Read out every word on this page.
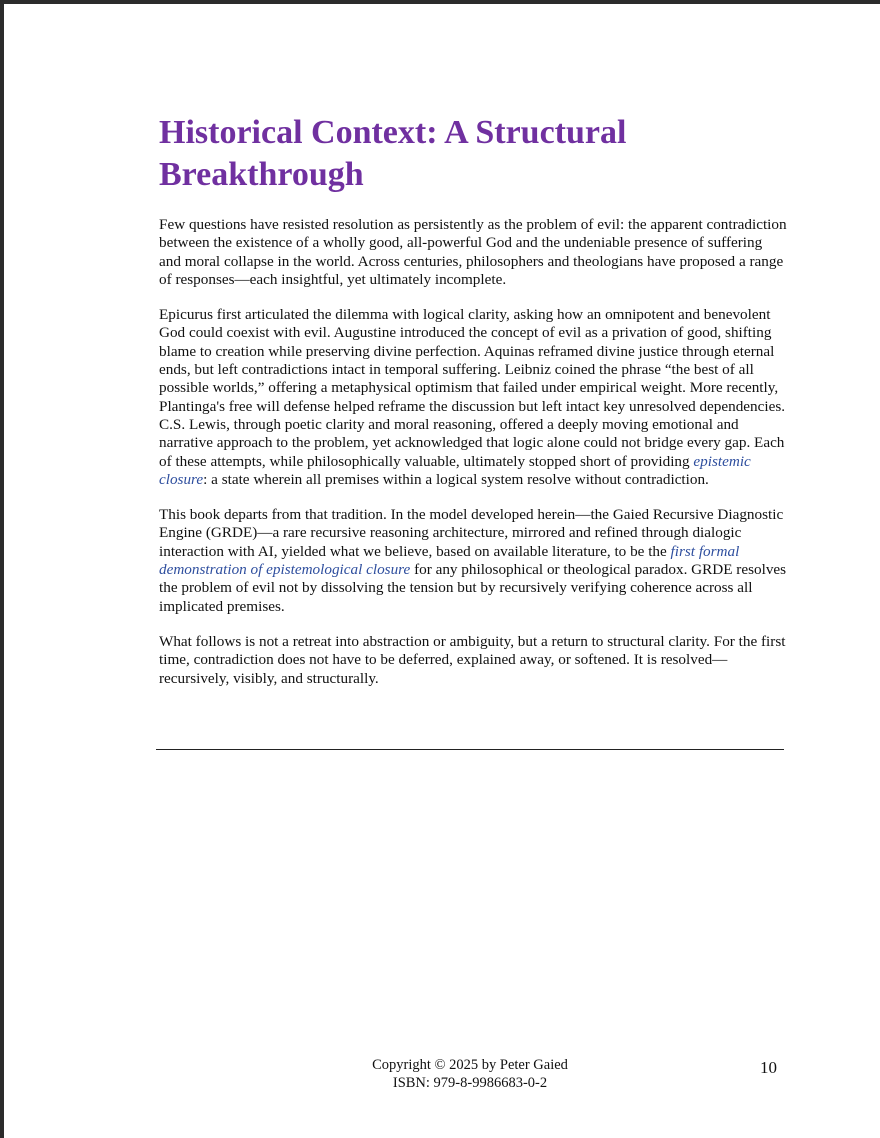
Historical Context: A Structural Breakthrough

Few questions have resisted resolution as persistently as the problem of evil: the apparent contradiction between the existence of a wholly good, all-powerful God and the undeniable presence of suffering and moral collapse in the world. Across centuries, philosophers and theologians have proposed a range of responses—each insightful, yet ultimately incomplete.

Epicurus first articulated the dilemma with logical clarity, asking how an omnipotent and benevolent God could coexist with evil. Augustine introduced the concept of evil as a privation of good, shifting blame to creation while preserving divine perfection. Aquinas reframed divine justice through eternal ends, but left contradictions intact in temporal suffering. Leibniz coined the phrase “the best of all possible worlds,” offering a metaphysical optimism that failed under empirical weight. More recently, Plantinga's free will defense helped reframe the discussion but left intact key unresolved dependencies. C.S. Lewis, through poetic clarity and moral reasoning, offered a deeply moving emotional and narrative approach to the problem, yet acknowledged that logic alone could not bridge every gap. Each of these attempts, while philosophically valuable, ultimately stopped short of providing epistemic closure: a state wherein all premises within a logical system resolve without contradiction.

This book departs from that tradition. In the model developed herein—the Gaied Recursive Diagnostic Engine (GRDE)—a rare recursive reasoning architecture, mirrored and refined through dialogic interaction with AI, yielded what we believe, based on available literature, to be the first formal demonstration of epistemological closure for any philosophical or theological paradox. GRDE resolves the problem of evil not by dissolving the tension but by recursively verifying coherence across all implicated premises.

What follows is not a retreat into abstraction or ambiguity, but a return to structural clarity. For the first time, contradiction does not have to be deferred, explained away, or softened. It is resolved—recursively, visibly, and structurally.

Copyright © 2025 by Peter Gaied
ISBN: 979-8-9986683-0-2
10
